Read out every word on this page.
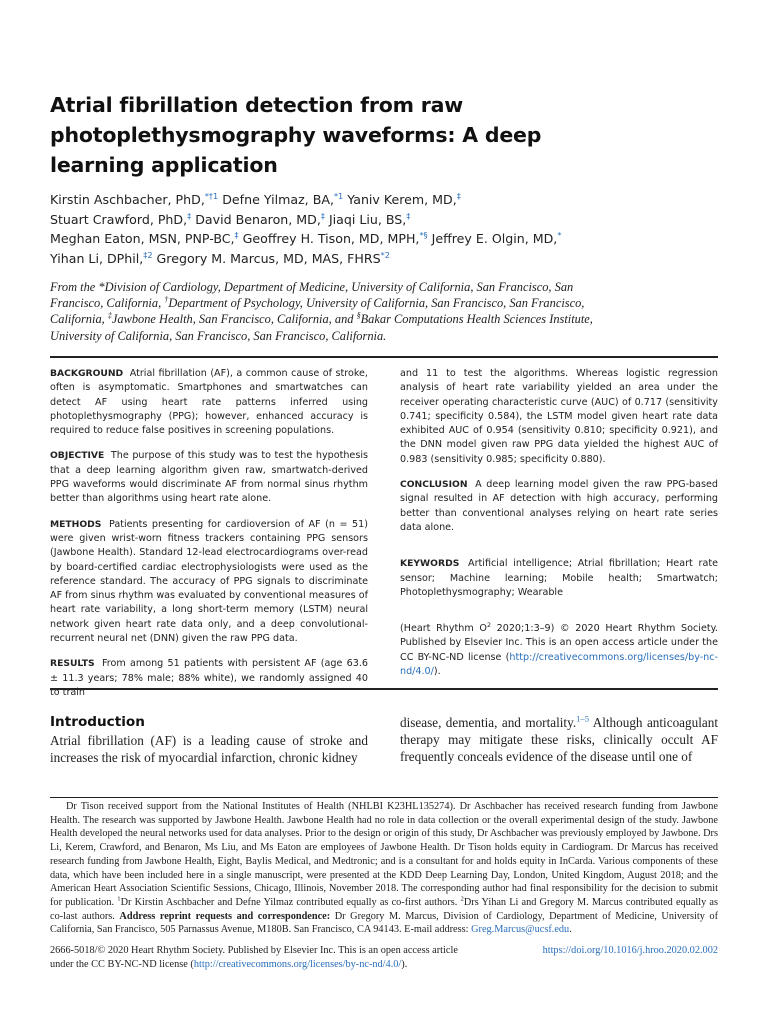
Atrial fibrillation detection from raw photoplethysmography waveforms: A deep learning application
Kirstin Aschbacher, PhD,$^{*\dagger 1}$ Defne Yilmaz, BA,$^{*1}$ Yaniv Kerem, MD,‡
Stuart Crawford, PhD,‡ David Benaron, MD,‡ Jiaqi Liu, BS,‡
Meghan Eaton, MSN, PNP-BC,‡ Geoffrey H. Tison, MD, MPH,*§ Jeffrey E. Olgin, MD,*
Yihan Li, DPhil,$^{\ddagger 2}$ Gregory M. Marcus, MD, MAS, FHRS$^{*2}$
From the *Division of Cardiology, Department of Medicine, University of California, San Francisco, San Francisco, California, †Department of Psychology, University of California, San Francisco, San Francisco, California, ‡Jawbone Health, San Francisco, California, and §Bakar Computations Health Sciences Institute, University of California, San Francisco, San Francisco, California.

BACKGROUND Atrial fibrillation (AF), a common cause of stroke, often is asymptomatic. Smartphones and smartwatches can detect AF using heart rate patterns inferred using photoplethysmography (PPG); however, enhanced accuracy is required to reduce false positives in screening populations.

OBJECTIVE The purpose of this study was to test the hypothesis that a deep learning algorithm given raw, smartwatch-derived PPG waveforms would discriminate AF from normal sinus rhythm better than algorithms using heart rate alone.

METHODS Patients presenting for cardioversion of AF (n = 51) were given wrist-worn fitness trackers containing PPG sensors (Jawbone Health). Standard 12-lead electrocardiograms over-read by board-certified cardiac electrophysiologists were used as the reference standard. The accuracy of PPG signals to discriminate AF from sinus rhythm was evaluated by conventional measures of heart rate variability, a long short-term memory (LSTM) neural network given heart rate data only, and a deep convolutional-recurrent neural net (DNN) given the raw PPG data.

RESULTS From among 51 patients with persistent AF (age 63.6 ± 11.3 years; 78% male; 88% white), we randomly assigned 40 to train

and 11 to test the algorithms. Whereas logistic regression analysis of heart rate variability yielded an area under the receiver operating characteristic curve (AUC) of 0.717 (sensitivity 0.741; specificity 0.584), the LSTM model given heart rate data exhibited AUC of 0.954 (sensitivity 0.810; specificity 0.921), and the DNN model given raw PPG data yielded the highest AUC of 0.983 (sensitivity 0.985; specificity 0.880).

CONCLUSION A deep learning model given the raw PPG-based signal resulted in AF detection with high accuracy, performing better than conventional analyses relying on heart rate series data alone.

KEYWORDS Artificial intelligence; Atrial fibrillation; Heart rate sensor; Machine learning; Mobile health; Smartwatch; Photoplethysmography; Wearable

(Heart Rhythm $O^2$ 2020;1:3–9) © 2020 Heart Rhythm Society. Published by Elsevier Inc. This is an open access article under the CC BY-NC-ND license (http://creativecommons.org/licenses/by-nc-nd/4.0/).

Introduction

Atrial fibrillation (AF) is a leading cause of stroke and increases the risk of myocardial infarction, chronic kidney

disease, dementia, and mortality.$^{1-5}$ Although anticoagulant therapy may mitigate these risks, clinically occult AF frequently conceals evidence of the disease until one of

Dr Tison received support from the National Institutes of Health (NHLBI K23HL135274). Dr Aschbacher has received research funding from Jawbone Health. The research was supported by Jawbone Health. Jawbone Health had no role in data collection or the overall experimental design of the study. Jawbone Health developed the neural networks used for data analyses. Prior to the design or origin of this study, Dr Aschbacher was previously employed by Jawbone. Drs Li, Kerem, Crawford, and Benaron, Ms Liu, and Ms Eaton are employees of Jawbone Health. Dr Tison holds equity in Cardiogram. Dr Marcus has received research funding from Jawbone Health, Eight, Baylis Medical, and Medtronic; and is a consultant for and holds equity in InCarda. Various components of these data, which have been included here in a single manuscript, were presented at the KDD Deep Learning Day, London, United Kingdom, August 2018; and the American Heart Association Scientific Sessions, Chicago, Illinois, November 2018. The corresponding author had final responsibility for the decision to submit for publication. $^1$Dr Kirstin Aschbacher and Defne Yilmaz contributed equally as co-first authors. $^2$Drs Yihan Li and Gregory M. Marcus contributed equally as co-last authors. Address reprint requests and correspondence: Dr Gregory M. Marcus, Division of Cardiology, Department of Medicine, University of California, San Francisco, 505 Parnassus Avenue, M180B. San Francisco, CA 94143. E-mail address: Greg.Marcus@ucsf.edu.

2666-5018/© 2020 Heart Rhythm Society. Published by Elsevier Inc. This is an open access article
under the CC BY-NC-ND license (http://creativecommons.org/licenses/by-nc-nd/4.0/).
https://doi.org/10.1016/j.hroo.2020.02.002
